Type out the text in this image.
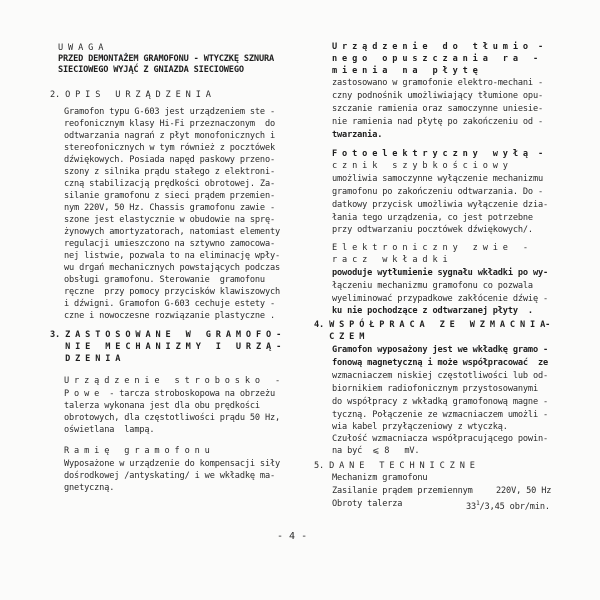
U W A G A
PRZED DEMONTAŻEM GRAMOFONU - WTYCZKĘ SZNURA
SIECIOWEGO WYJĄĆ Z GNIAZDA SIECIOWEGO
2. O P I S   U R Z Ą D Z E N I A
Gramofon typu G-603 jest urządzeniem ste -
reofonicznym klasy Hi-Fi przeznaczonym  do
odtwarzania nagrań z płyt monofonicznych i
stereofonicznych w tym również z pocztówek
dźwiękowych. Posiada napęd paskowy przeno-
szony z silnika prądu stałego z elektroni-
czną stabilizacją prędkości obrotowej. Za-
silanie gramofonu z sieci prądem przemien-
nym 220V, 50 Hz. Chassis gramofonu zawie -
szone jest elastycznie w obudowie na sprę-
żynowych amortyzatorach, natomiast elementy
regulacji umieszczono na sztywno zamocowa-
nej listwie, pozwala to na eliminację wpły-
wu drgań mechanicznych powstających podczas
obsługi gramofonu. Sterowanie  gramofonu
ręczne  przy pomocy przycisków klawiszowych
i dźwigni. Gramofon G-603 cechuje estety -
czne i nowoczesne rozwiązanie plastyczne .
3. Z A S T O S O W A N E   W   G R A M O F O -
N I E   M E C H A N I Z M Y   I   U R Z Ą -
D Z E N I A
U r z ą d z e n i e   s t r o b o s k o   -
P o w e  - tarcza stroboskopowa na obrzeżu
talerza wykonana jest dla obu prędkości
obrotowych, dla częstotliwości prądu 50 Hz,
oświetlana  lampą.
R a m i ę   g r a m o f o n u
Wyposażone w urządzenie do kompensacji siły
dośrodkowej /antyskating/ i we wkładkę ma-
gnetyczną.
U r z ą d z e n i e   d o   t ł u m i o  -
n e g o   o p u s z c z a n i a   r a   -
m i e n i a   n a   p ł y t ę
zastosowano w gramofonie elektro-mechani -
czny podnośnik umożliwiający tłumione opu-
szczanie ramienia oraz samoczynne uniesie-
nie ramienia nad płytę po zakończeniu od -
twarzania.
F o t o e l e k t r y c z n y   w y ł ą  -
c z n i k   s z y b k o ś c i o w y
umożliwia samoczynne wyłączenie mechanizmu
gramofonu po zakończeniu odtwarzania. Do -
datkowy przycisk umożliwia wyłączenie dzia-
łania tego urządzenia, co jest potrzebne
przy odtwarzaniu pocztówek dźwiękowych/.
E l e k t r o n i c z n y   z w i e   -
r a c z   w k ł a d k i
powoduje wytłumienie sygnału wkładki po wy-
łączeniu mechanizmu gramofonu co pozwala
wyeliminować przypadkowe zakłócenie dźwię -
ku nie pochodzące z odtwarzanej płyty  .
4. W S P Ó Ł P R A C A   Z E   W Z M A C N I A-
C Z E M
Gramofon wyposażony jest we wkładkę gramo -
fonową magnetyczną i może współpracować  ze
wzmacniaczem niskiej częstotliwości lub od-
biornikiem radiofonicznym przystosowanymi
do współpracy z wkładką gramofonową magne -
tyczną. Połączenie ze wzmacniaczem umożli -
wia kabel przyłączeniowy z wtyczką.
Czułość wzmacniacza współpracującego powin-
na być  ⩽ 8   mV.
5. D A N E   T E C H N I C Z N E
Mechanizm gramofonu
Zasilanie prądem przemiennym	220V, 50 Hz
Obroty talerza	$33^1/3,45$ obr/min.
- 4 -
